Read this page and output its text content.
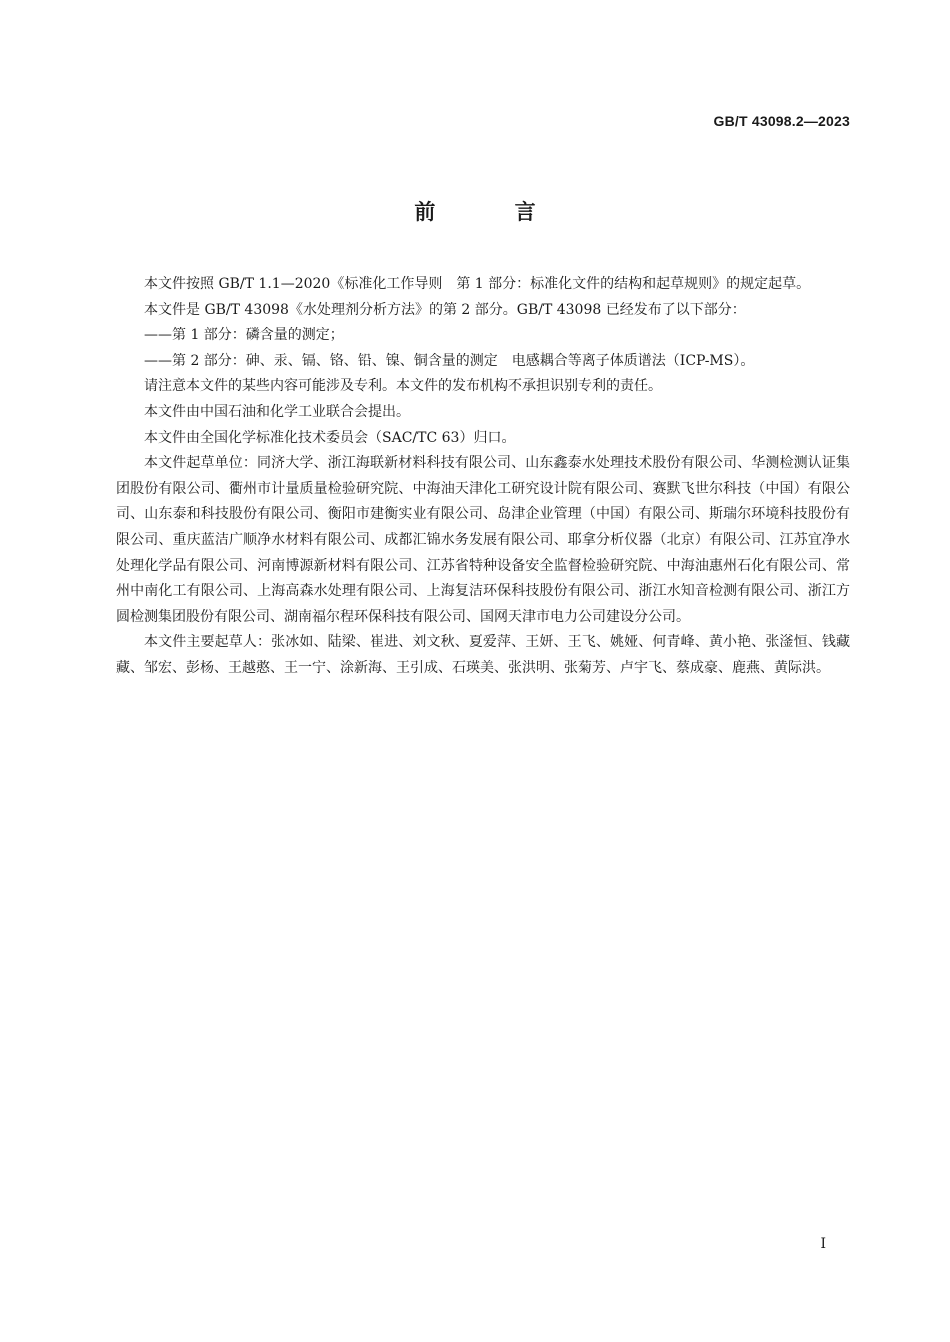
GB/T 43098.2—2023
前 言

本文件按照 GB/T 1.1—2020《标准化工作导则　第 1 部分：标准化文件的结构和起草规则》的规定起草。

本文件是 GB/T 43098《水处理剂分析方法》的第 2 部分。GB/T 43098 已经发布了以下部分：

——第 1 部分：磷含量的测定；

——第 2 部分：砷、汞、镉、铬、铅、镍、铜含量的测定　电感耦合等离子体质谱法（ICP-MS）。

请注意本文件的某些内容可能涉及专利。本文件的发布机构不承担识别专利的责任。

本文件由中国石油和化学工业联合会提出。

本文件由全国化学标准化技术委员会（SAC/TC 63）归口。

本文件起草单位：同济大学、浙江海联新材料科技有限公司、山东鑫泰水处理技术股份有限公司、华测检测认证集团股份有限公司、衢州市计量质量检验研究院、中海油天津化工研究设计院有限公司、赛默飞世尔科技（中国）有限公司、山东泰和科技股份有限公司、衡阳市建衡实业有限公司、岛津企业管理（中国）有限公司、斯瑞尔环境科技股份有限公司、重庆蓝洁广顺净水材料有限公司、成都汇锦水务发展有限公司、耶拿分析仪器（北京）有限公司、江苏宜净水处理化学品有限公司、河南博源新材料有限公司、江苏省特种设备安全监督检验研究院、中海油惠州石化有限公司、常州中南化工有限公司、上海高森水处理有限公司、上海复洁环保科技股份有限公司、浙江水知音检测有限公司、浙江方圆检测集团股份有限公司、湖南福尔程环保科技有限公司、国网天津市电力公司建设分公司。

本文件主要起草人：张冰如、陆梁、崔进、刘文秋、夏爱萍、王妍、王飞、姚娅、何青峰、黄小艳、张滏恒、钱藏藏、邹宏、彭杨、王越憨、王一宁、涂新海、王引成、石瑛美、张洪明、张菊芳、卢宇飞、蔡成豪、鹿燕、黄际洪。

I
